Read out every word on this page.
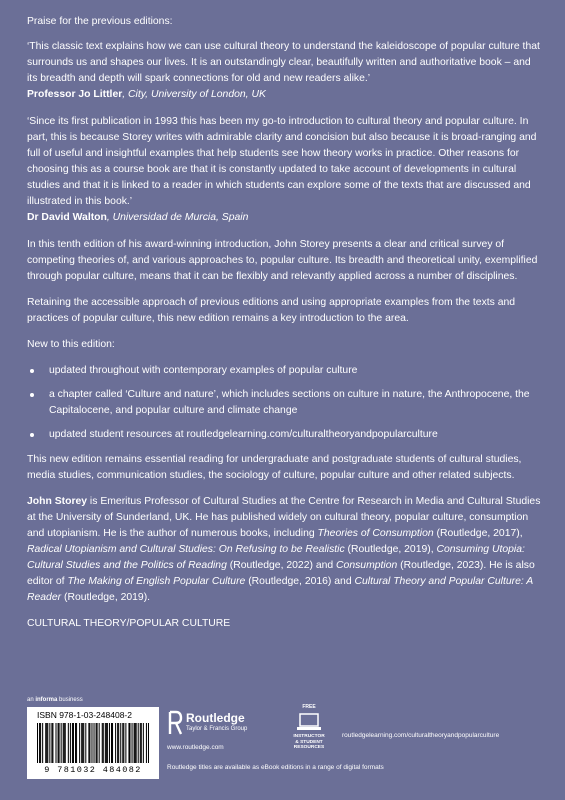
Praise for the previous editions:

‘This classic text explains how we can use cultural theory to understand the kaleidoscope of popular culture that surrounds us and shapes our lives. It is an outstandingly clear, beautifully written and authoritative book – and its breadth and depth will spark connections for old and new readers alike.’

Professor Jo Littler, City, University of London, UK

‘Since its first publication in 1993 this has been my go-to introduction to cultural theory and popular culture. In part, this is because Storey writes with admirable clarity and concision but also because it is broad-ranging and full of useful and insightful examples that help students see how theory works in practice. Other reasons for choosing this as a course book are that it is constantly updated to take account of developments in cultural studies and that it is linked to a reader in which students can explore some of the texts that are discussed and illustrated in this book.’

Dr David Walton, Universidad de Murcia, Spain

In this tenth edition of his award-winning introduction, John Storey presents a clear and critical survey of competing theories of, and various approaches to, popular culture. Its breadth and theoretical unity, exemplified through popular culture, means that it can be flexibly and relevantly applied across a number of disciplines.

Retaining the accessible approach of previous editions and using appropriate examples from the texts and practices of popular culture, this new edition remains a key introduction to the area.

New to this edition:

updated throughout with contemporary examples of popular culture
a chapter called ‘Culture and nature’, which includes sections on culture in nature, the Anthropocene, the Capitalocene, and popular culture and climate change
updated student resources at routledgelearning.com/culturaltheoryandpopularculture

This new edition remains essential reading for undergraduate and postgraduate students of cultural studies, media studies, communication studies, the sociology of culture, popular culture and other related subjects.

John Storey is Emeritus Professor of Cultural Studies at the Centre for Research in Media and Cultural Studies at the University of Sunderland, UK. He has published widely on cultural theory, popular culture, consumption and utopianism. He is the author of numerous books, including Theories of Consumption (Routledge, 2017), Radical Utopianism and Cultural Studies: On Refusing to be Realistic (Routledge, 2019), Consuming Utopia: Cultural Studies and the Politics of Reading (Routledge, 2022) and Consumption (Routledge, 2023). He is also editor of The Making of English Popular Culture (Routledge, 2016) and Cultural Theory and Popular Culture: A Reader (Routledge, 2019).

CULTURAL THEORY/POPULAR CULTURE

an informa business
ISBN 978-1-03-248408-2
9 781032 484082
Routledge
Taylor & Francis Group
www.routledge.com
FREE
INSTRUCTOR
& STUDENT
RESOURCES
routledgelearning.com/culturaltheoryandpopularculture
Routledge titles are available as eBook editions in a range of digital formats
